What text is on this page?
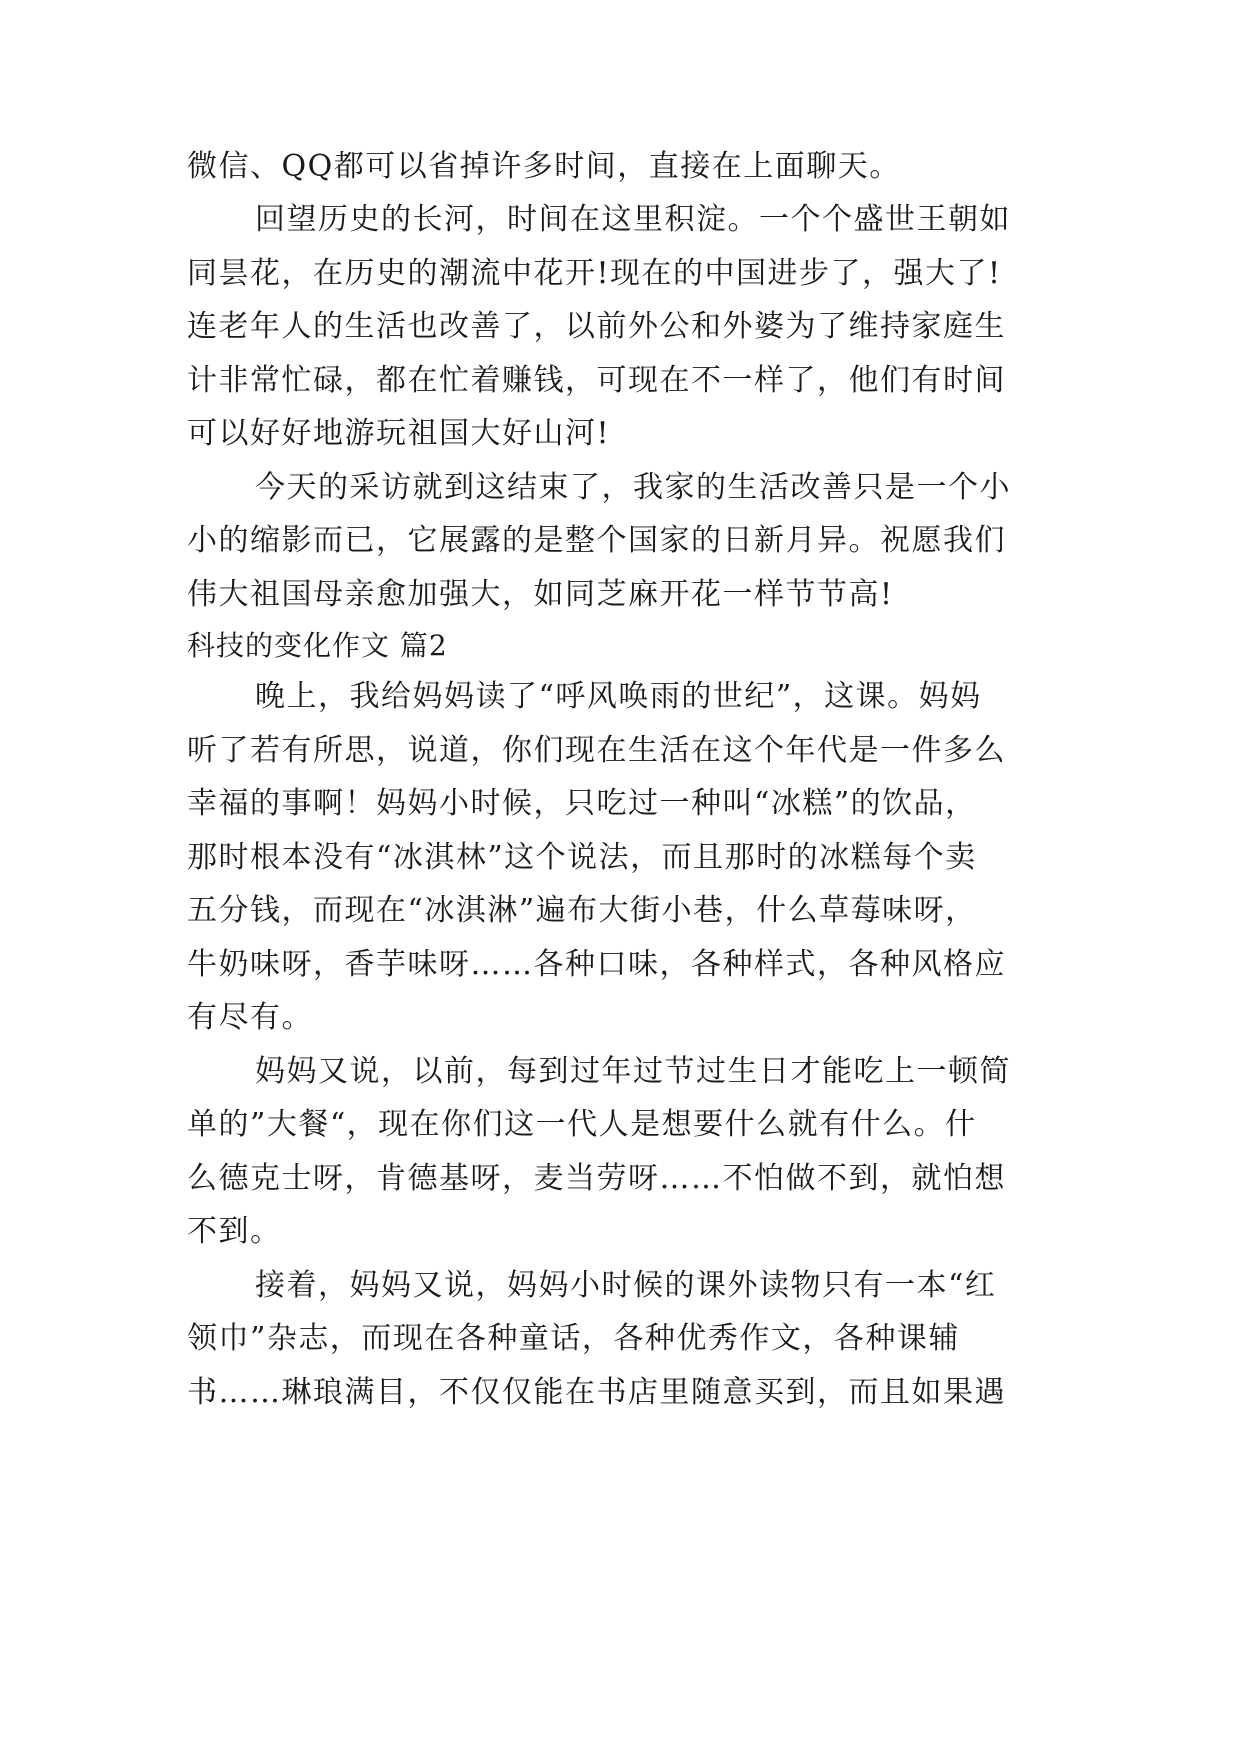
微信、QQ都可以省掉许多时间，直接在上面聊天。

回望历史的长河，时间在这里积淀。一个个盛世王朝如

同昙花，在历史的潮流中花开!现在的中国进步了，强大了!

连老年人的生活也改善了，以前外公和外婆为了维持家庭生

计非常忙碌，都在忙着赚钱，可现在不一样了，他们有时间

可以好好地游玩祖国大好山河!

今天的采访就到这结束了，我家的生活改善只是一个小

小的缩影而已，它展露的是整个国家的日新月异。祝愿我们

伟大祖国母亲愈加强大，如同芝麻开花一样节节高!

科技的变化作文 篇2

晚上，我给妈妈读了“呼风唤雨的世纪”，这课。妈妈

听了若有所思，说道，你们现在生活在这个年代是一件多么

幸福的事啊！妈妈小时候，只吃过一种叫“冰糕”的饮品，

那时根本没有“冰淇林”这个说法，而且那时的冰糕每个卖

五分钱，而现在“冰淇淋”遍布大街小巷，什么草莓味呀，

牛奶味呀，香芋味呀……各种口味，各种样式，各种风格应

有尽有。

妈妈又说，以前，每到过年过节过生日才能吃上一顿简

单的”大餐“，现在你们这一代人是想要什么就有什么。什

么德克士呀，肯德基呀，麦当劳呀……不怕做不到，就怕想

不到。

接着，妈妈又说，妈妈小时候的课外读物只有一本“红

领巾”杂志，而现在各种童话，各种优秀作文，各种课辅

书……琳琅满目，不仅仅能在书店里随意买到，而且如果遇
